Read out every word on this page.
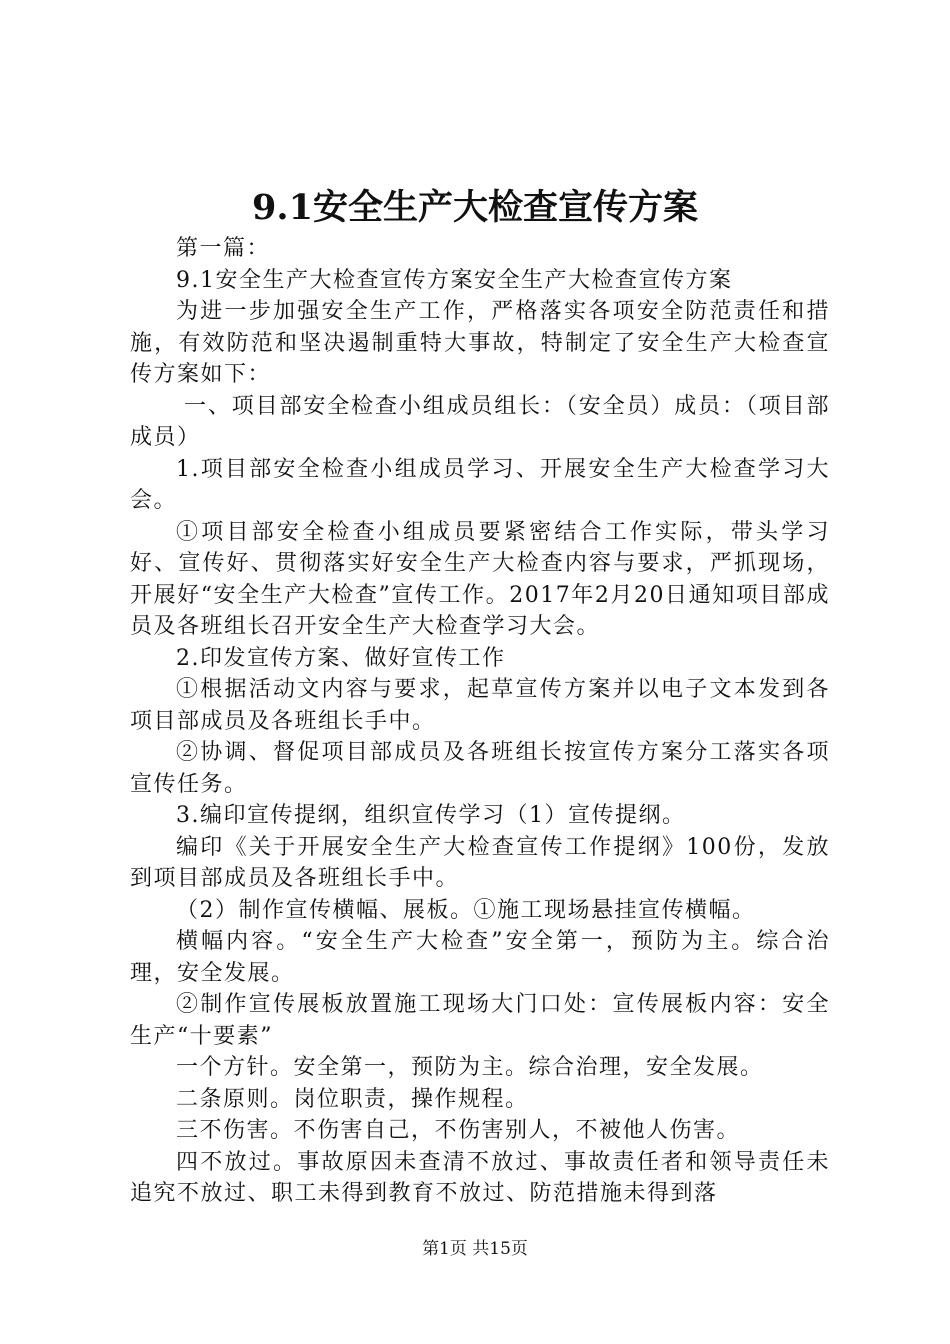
9.1安全生产大检查宣传方案

第一篇：

9.1安全生产大检查宣传方案安全生产大检查宣传方案

为进一步加强安全生产工作，严格落实各项安全防范责任和措施，有效防范和坚决遏制重特大事故，特制定了安全生产大检查宣传方案如下：

一、项目部安全检查小组成员组长：（安全员）成员：（项目部成员）

1.项目部安全检查小组成员学习、开展安全生产大检查学习大会。

①项目部安全检查小组成员要紧密结合工作实际，带头学习好、宣传好、贯彻落实好安全生产大检查内容与要求，严抓现场，开展好“安全生产大检查”宣传工作。2017年2月20日通知项目部成员及各班组长召开安全生产大检查学习大会。

2.印发宣传方案、做好宣传工作

①根据活动文内容与要求，起草宣传方案并以电子文本发到各项目部成员及各班组长手中。

②协调、督促项目部成员及各班组长按宣传方案分工落实各项宣传任务。

3.编印宣传提纲，组织宣传学习（1）宣传提纲。

编印《关于开展安全生产大检查宣传工作提纲》100份，发放到项目部成员及各班组长手中。

（2）制作宣传横幅、展板。①施工现场悬挂宣传横幅。

横幅内容。“安全生产大检查”安全第一，预防为主。综合治理，安全发展。

②制作宣传展板放置施工现场大门口处：宣传展板内容：安全生产“十要素”

一个方针。安全第一，预防为主。综合治理，安全发展。

二条原则。岗位职责，操作规程。

三不伤害。不伤害自己，不伤害别人，不被他人伤害。

四不放过。事故原因未查清不放过、事故责任者和领导责任未追究不放过、职工未得到教育不放过、防范措施未得到落

第1页 共15页
